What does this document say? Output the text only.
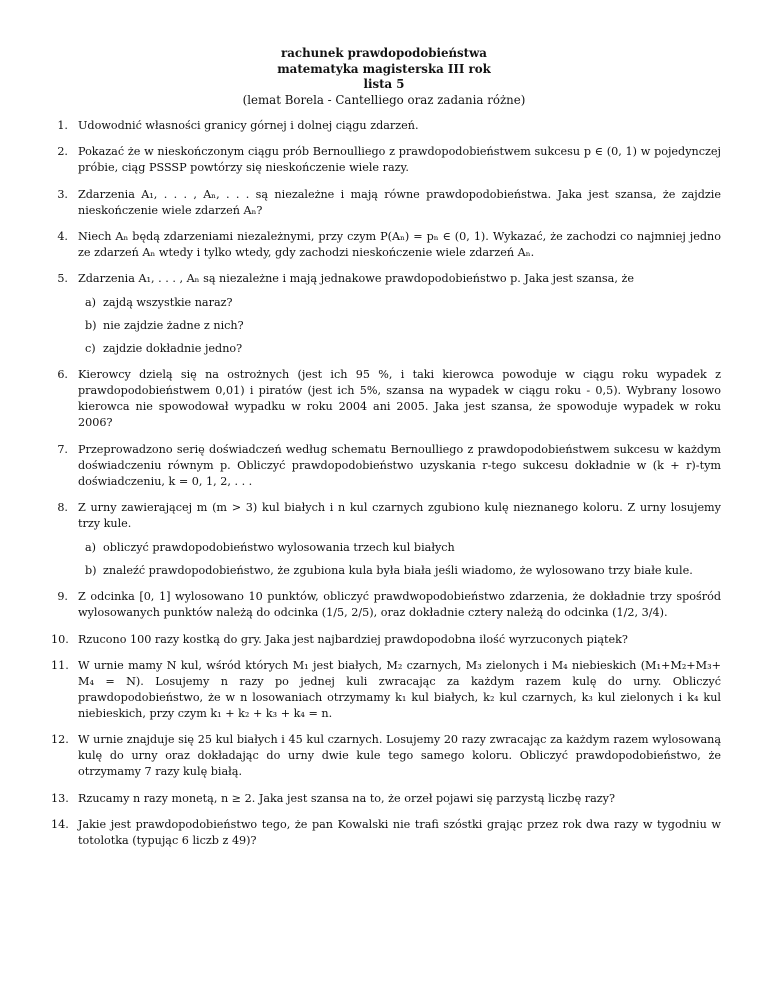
rachunek prawdopodobieństwa
matematyka magisterska III rok
lista 5
(lemat Borela - Cantelliego oraz zadania różne)
1. Udowodnić własności granicy górnej i dolnej ciągu zdarzeń.
2. Pokazać że w nieskończonym ciągu prób Bernoulliego z prawdopodobieństwem sukcesu p ∈ (0, 1) w pojedynczej próbie, ciąg PSSSP powtórzy się nieskończenie wiele razy.
3. Zdarzenia A₁, . . . , Aₙ, . . . są niezależne i mają równe prawdopodobieństwa. Jaka jest szansa, że zajdzie nieskończenie wiele zdarzeń Aₙ?
4. Niech Aₙ będą zdarzeniami niezależnymi, przy czym P(Aₙ) = pₙ ∈ (0, 1). Wykazać, że zachodzi co najmniej jedno ze zdarzeń Aₙ wtedy i tylko wtedy, gdy zachodzi nieskończenie wiele zdarzeń Aₙ.
5. Zdarzenia A₁, . . . , Aₙ są niezależne i mają jednakowe prawdopodobieństwo p. Jaka jest szansa, że
a) zajdą wszystkie naraz?
b) nie zajdzie żadne z nich?
c) zajdzie dokładnie jedno?
6. Kierowcy dzielą się na ostrożnych (jest ich 95 %, i taki kierowca powoduje w ciągu roku wypadek z prawdopodobieństwem 0,01) i piratów (jest ich 5%, szansa na wypadek w ciągu roku - 0,5). Wybrany losowo kierowca nie spowodował wypadku w roku 2004 ani 2005. Jaka jest szansa, że spowoduje wypadek w roku 2006?
7. Przeprowadzono serię doświadczeń według schematu Bernoulliego z prawdopodobieństwem sukcesu w każdym doświadczeniu równym p. Obliczyć prawdopodobieństwo uzyskania r-tego sukcesu dokładnie w (k + r)-tym doświadczeniu, k = 0, 1, 2, . . .
8. Z urny zawierającej m (m > 3) kul białych i n kul czarnych zgubiono kulę nieznanego koloru. Z urny losujemy trzy kule.
a) obliczyć prawdopodobieństwo wylosowania trzech kul białych
b) znaleźć prawdopodobieństwo, że zgubiona kula była biała jeśli wiadomo, że wylosowano trzy białe kule.
9. Z odcinka [0, 1] wylosowano 10 punktów, obliczyć prawdwopodobieństwo zdarzenia, że dokładnie trzy spośród wylosowanych punktów należą do odcinka (1/5, 2/5), oraz dokładnie cztery należą do odcinka (1/2, 3/4).
10. Rzucono 100 razy kostką do gry. Jaka jest najbardziej prawdopodobna ilość wyrzuconych piątek?
11. W urnie mamy N kul, wśród których M₁ jest białych, M₂ czarnych, M₃ zielonych i M₄ niebieskich (M₁+M₂+M₃+ M₄ = N). Losujemy n razy po jednej kuli zwracając za każdym razem kulę do urny. Obliczyć prawdopodobieństwo, że w n losowaniach otrzymamy k₁ kul białych, k₂ kul czarnych, k₃ kul zielonych i k₄ kul niebieskich, przy czym k₁ + k₂ + k₃ + k₄ = n.
12. W urnie znajduje się 25 kul białych i 45 kul czarnych. Losujemy 20 razy zwracając za każdym razem wylosowaną kulę do urny oraz dokładając do urny dwie kule tego samego koloru. Obliczyć prawdopodobieństwo, że otrzymamy 7 razy kulę białą.
13. Rzucamy n razy monetą, n ≥ 2. Jaka jest szansa na to, że orzeł pojawi się parzystą liczbę razy?
14. Jakie jest prawdopodobieństwo tego, że pan Kowalski nie trafi szóstki grając przez rok dwa razy w tygodniu w totolotka (typując 6 liczb z 49)?
